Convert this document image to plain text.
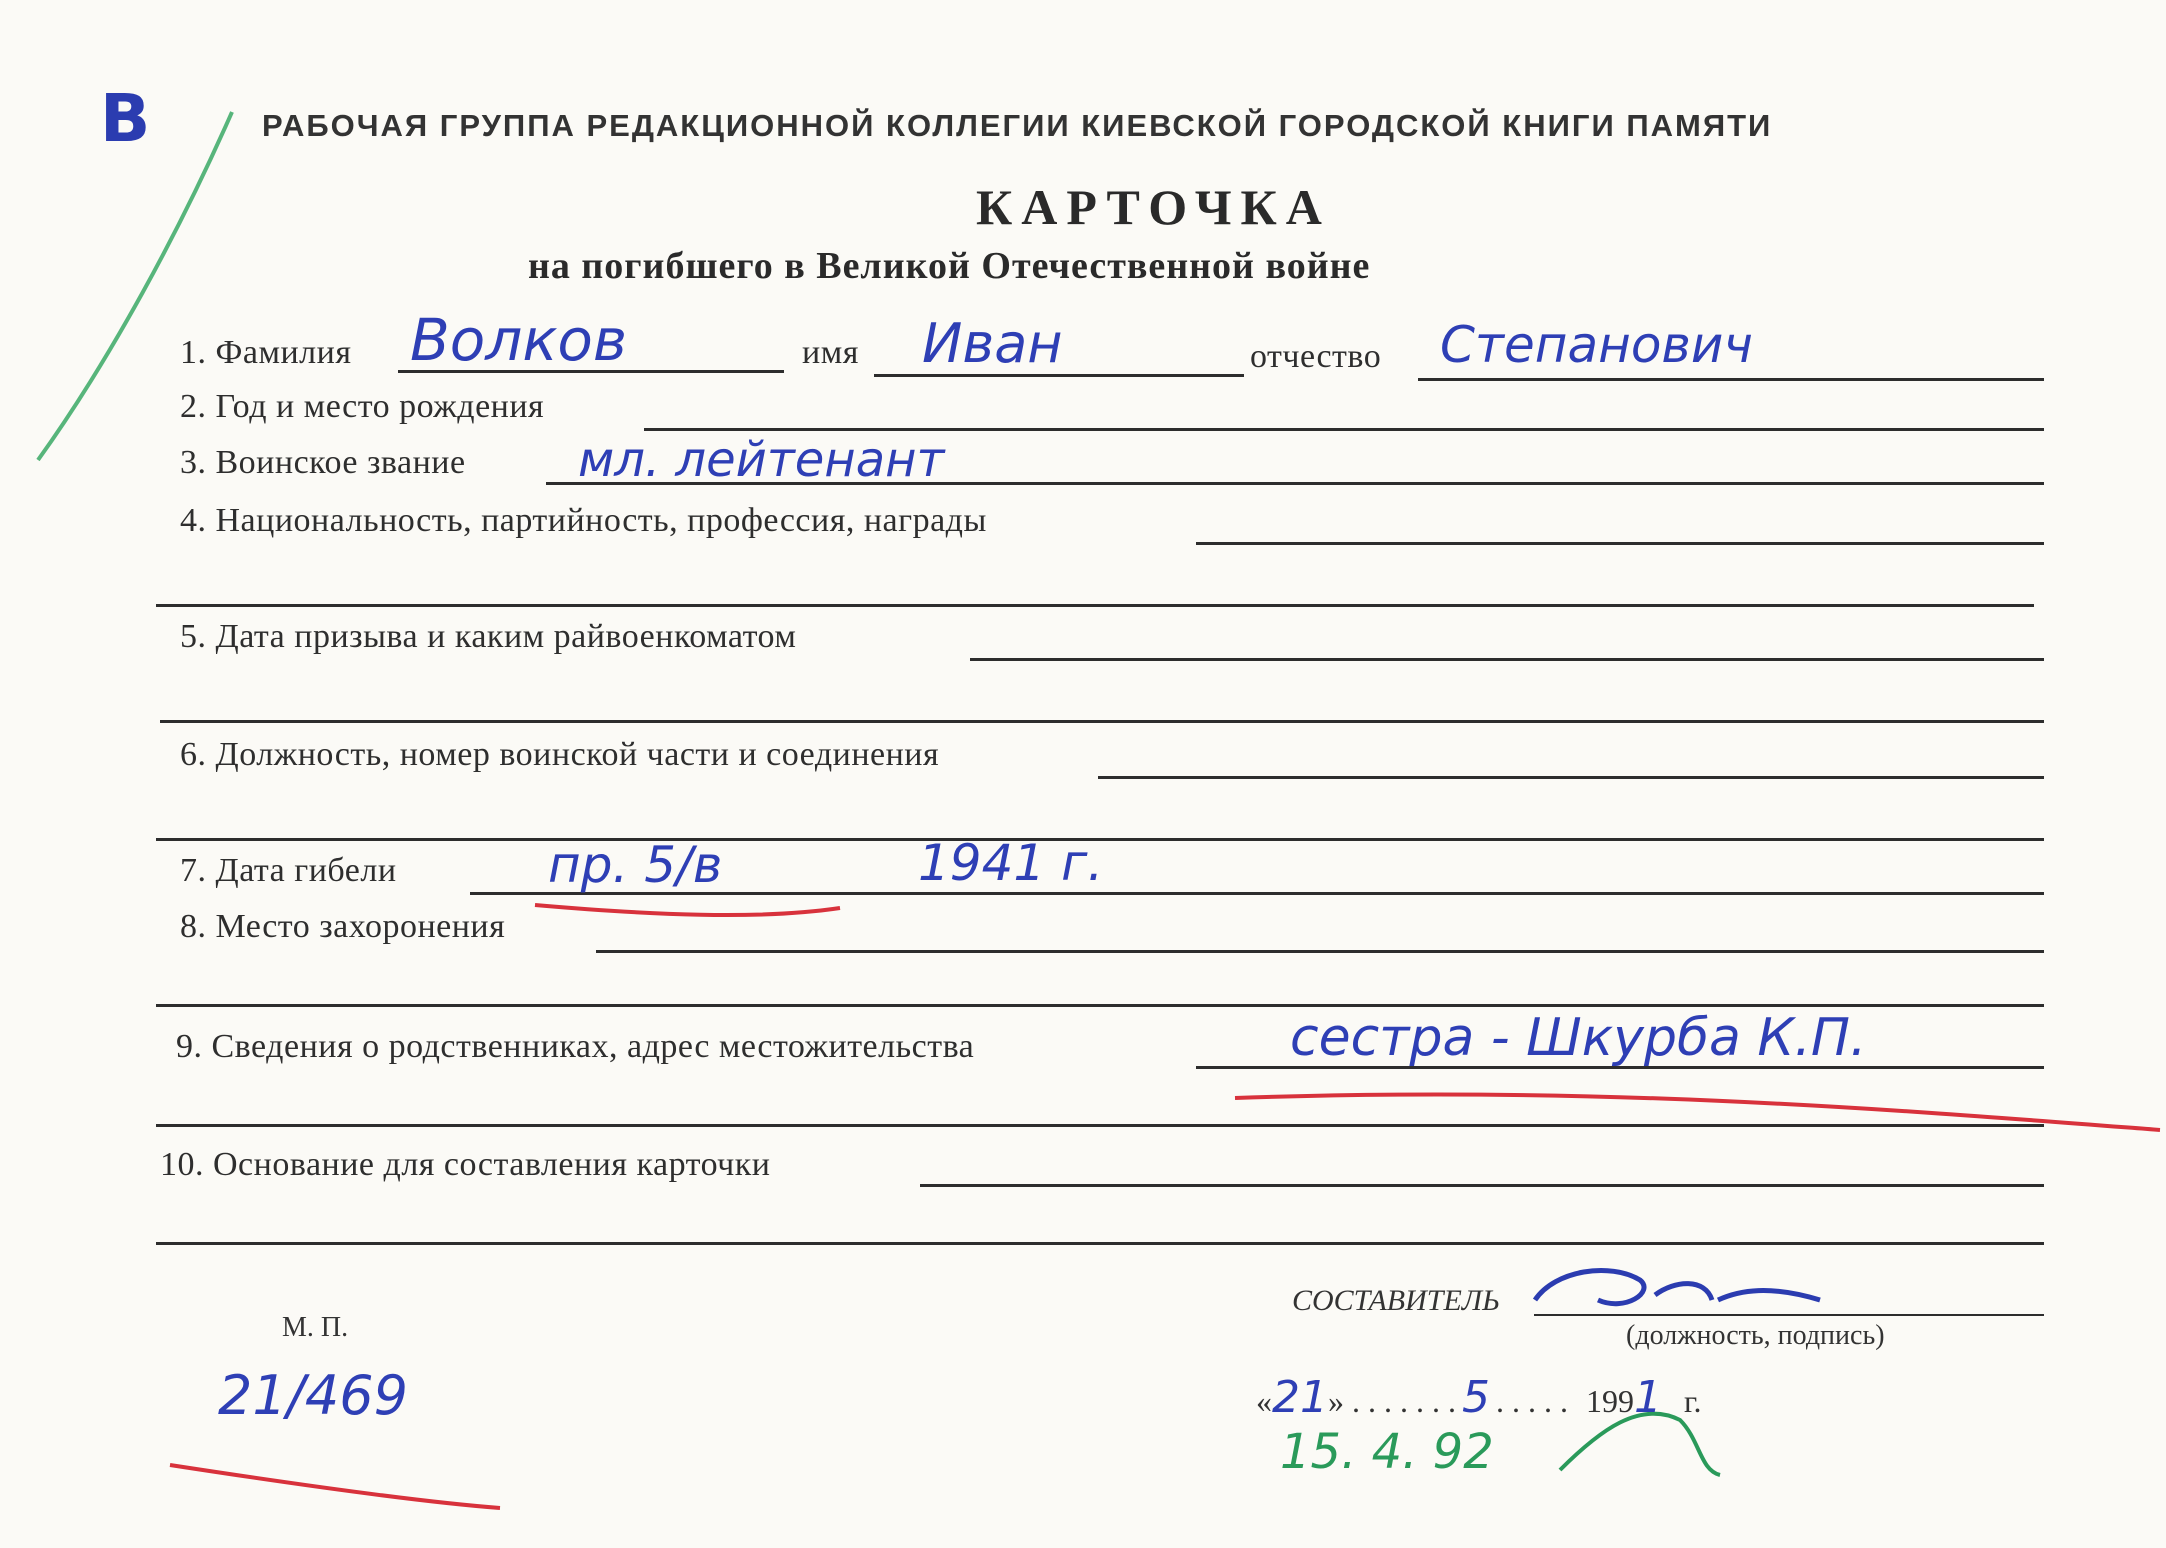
В	РАБОЧАЯ ГРУППА РЕДАКЦИОННОЙ КОЛЛЕГИИ КИЕВСКОЙ ГОРОДСКОЙ КНИГИ ПАМЯТИ
КАРТОЧКА
на погибшего в Великой Отечественной войне
1. Фамилия Волков	имя Иван	отчество Степанович
2. Год и место рождения
3. Воинское звание мл. лейтенант
4. Национальность, партийность, профессия, награды
5. Дата призыва и каким райвоенкоматом
6. Должность, номер воинской части и соединения
7. Дата гибели	пр. 5/в	1941 г.
8. Место захоронения
9. Сведения о родственниках, адрес местожительства	сестра - Шкурба К.П.
10. Основание для составления карточки
М. П.
21/469
СОСТАВИТЕЛЬ
(должность, подпись)
«21» . . . . . . . 5 . . . . . 1991 г.
15. 4. 92
